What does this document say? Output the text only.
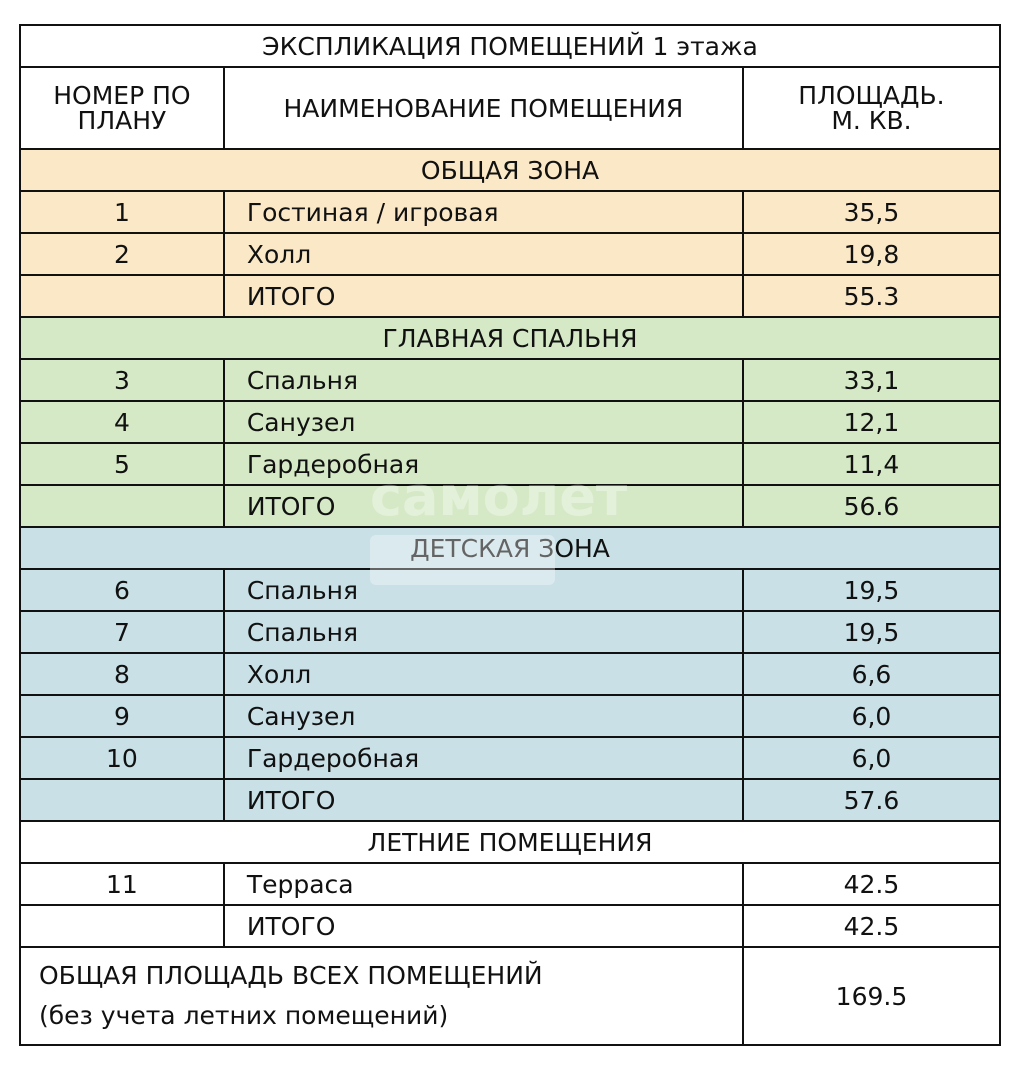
ЭКСПЛИКАЦИЯ ПОМЕЩЕНИЙ 1 этажа		
НОМЕР ПО
ПЛАНУ	НАИМЕНОВАНИЕ ПОМЕЩЕНИЯ	ПЛОЩАДЬ.
М. КВ.
ОБЩАЯ ЗОНА		
1	Гостиная / игровая	35,5
2	Холл	19,8
	ИТОГО	55.3
ГЛАВНАЯ СПАЛЬНЯ		
3	Спальня	33,1
4	Санузел	12,1
5	Гардеробная	11,4
	ИТОГО	56.6
ДЕТСКАЯ ЗОНА		
6	Спальня	19,5
7	Спальня	19,5
8	Холл	6,6
9	Санузел	6,0
10	Гардеробная	6,0
	ИТОГО	57.6
ЛЕТНИЕ ПОМЕЩЕНИЯ		
11	Терраса	42.5
	ИТОГО	42.5
ОБЩАЯ ПЛОЩАДЬ ВСЕХ ПОМЕЩЕНИЙ
(без учета летних помещений)		169.5
самолет
